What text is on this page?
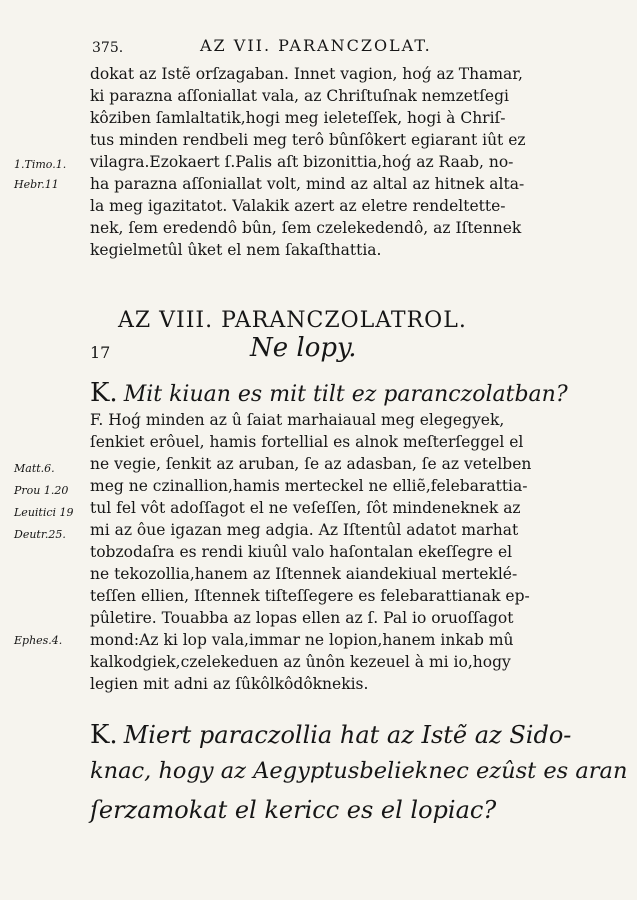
375.	AZ VII. PARANCZOLAT.
dokat az Istẽ orſzagaban. Innet vagion, hoǵ az Thamar,
ki parazna aſſoniallat vala, az Chriſtuſnak nemzetſegi
kôziben ſamlaltatik,hogi meg ieleteſſek, hogi à Chriſ-
tus minden rendbeli meg terô bûnſôkert egiarant iût ez
vilagra.Ezokaert ſ.Palis aſt bizonittia,hoǵ az Raab, no-
ha parazna aſſoniallat volt, mind az altal az hitnek alta-
la meg igazitatot. Valakik azert az eletre rendeltette-
nek, ſem eredendô bûn, ſem czelekedendô, az Iſtennek
kegielmetûl ûket el nem ſakaſthattia.
1.Timo.1.
Hebr.11
AZ VIII. PARANCZOLATROL.
17	Ne lopy.
K. Mit kiuan es mit tilt ez paranczolatban?
F. Hoǵ minden az û ſaiat marhaiaual meg elegegyek,
ſenkiet erôuel, hamis fortellial es alnok meſterſeggel el
ne vegie, ſenkit az aruban, ſe az adasban, ſe az vetelben
meg ne czinallion,hamis merteckel ne elliẽ,felebarattia-
tul fel vôt adoſſagot el ne veſeſſen, ſôt mindeneknek az
mi az ôue igazan meg adgia. Az Iſtentûl adatot marhat
tobzodaſra es rendi kiuûl valo haſontalan ekeſſegre el
ne tekozollia,hanem az Iſtennek aiandekiual merteklé-
teſſen ellien, Iſtennek tiſteſſegere es felebarattianak ep-
pûletire. Touabba az lopas ellen az ſ. Pal io oruoſſagot
mond:Az ki lop vala,immar ne lopion,hanem inkab mû
kalkodgiek,czelekeduen az ûnôn kezeuel à mi io,hogy
legien mit adni az ſûkôlkôdôknekis.
Matt.6.
Prou 1.20
Leuitici 19
Deutr.25.
Ephes.4.
K. Miert paraczollia hat az Istẽ az Sido-
knac, hogy az Aegyptusbelieknec ezûst es aran
ſerzamokat el kericc es el lopiac?
